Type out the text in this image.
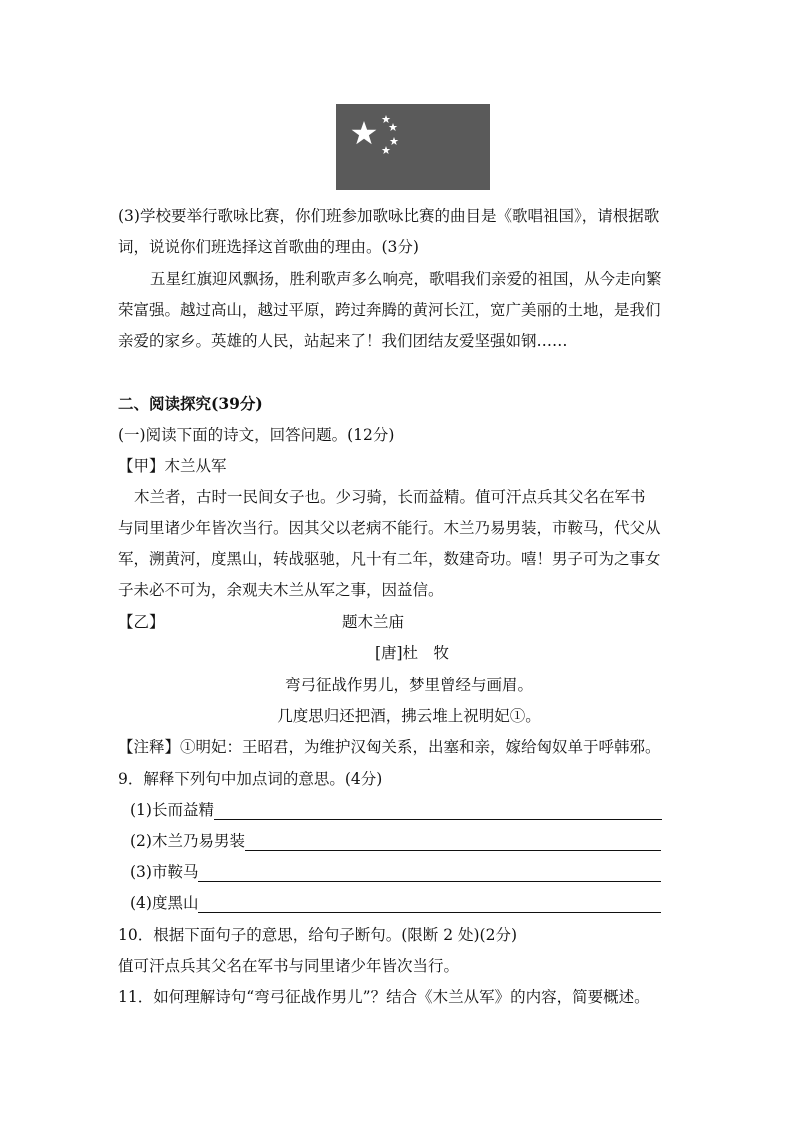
(3)学校要举行歌咏比赛，你们班参加歌咏比赛的曲目是《歌唱祖国》，请根据歌
词，说说你们班选择这首歌曲的理由。(3分)
五星红旗迎风飘扬，胜利歌声多么响亮，歌唱我们亲爱的祖国，从今走向繁
荣富强。越过高山，越过平原，跨过奔腾的黄河长江，宽广美丽的土地，是我们
亲爱的家乡。英雄的人民，站起来了！我们团结友爱坚强如钢……
二、阅读探究(39分)
(一)阅读下面的诗文，回答问题。(12分)
【甲】木兰从军
木兰者，古时一民间女子也。少习骑，长而益精。值可汗点兵其父名在军书
与同里诸少年皆次当行。因其父以老病不能行。木兰乃易男装，市鞍马，代父从
军，溯黄河，度黑山，转战驱驰，凡十有二年，数建奇功。嘻！男子可为之事女
子未必不可为，余观夫木兰从军之事，因益信。
【乙】	题木兰庙
[唐]杜　牧
弯弓征战作男儿，梦里曾经与画眉。
几度思归还把酒，拂云堆上祝明妃①。
【注释】①明妃：王昭君，为维护汉匈关系，出塞和亲，嫁给匈奴单于呼韩邪。
9．解释下列句中加点词的意思。(4分)
(1)长而益精
(2)木兰乃易男装
(3)市鞍马
(4)度黑山
10．根据下面句子的意思，给句子断句。(限断 2 处)(2分)
值可汗点兵其父名在军书与同里诸少年皆次当行。
11．如何理解诗句“弯弓征战作男儿”？结合《木兰从军》的内容，简要概述。
